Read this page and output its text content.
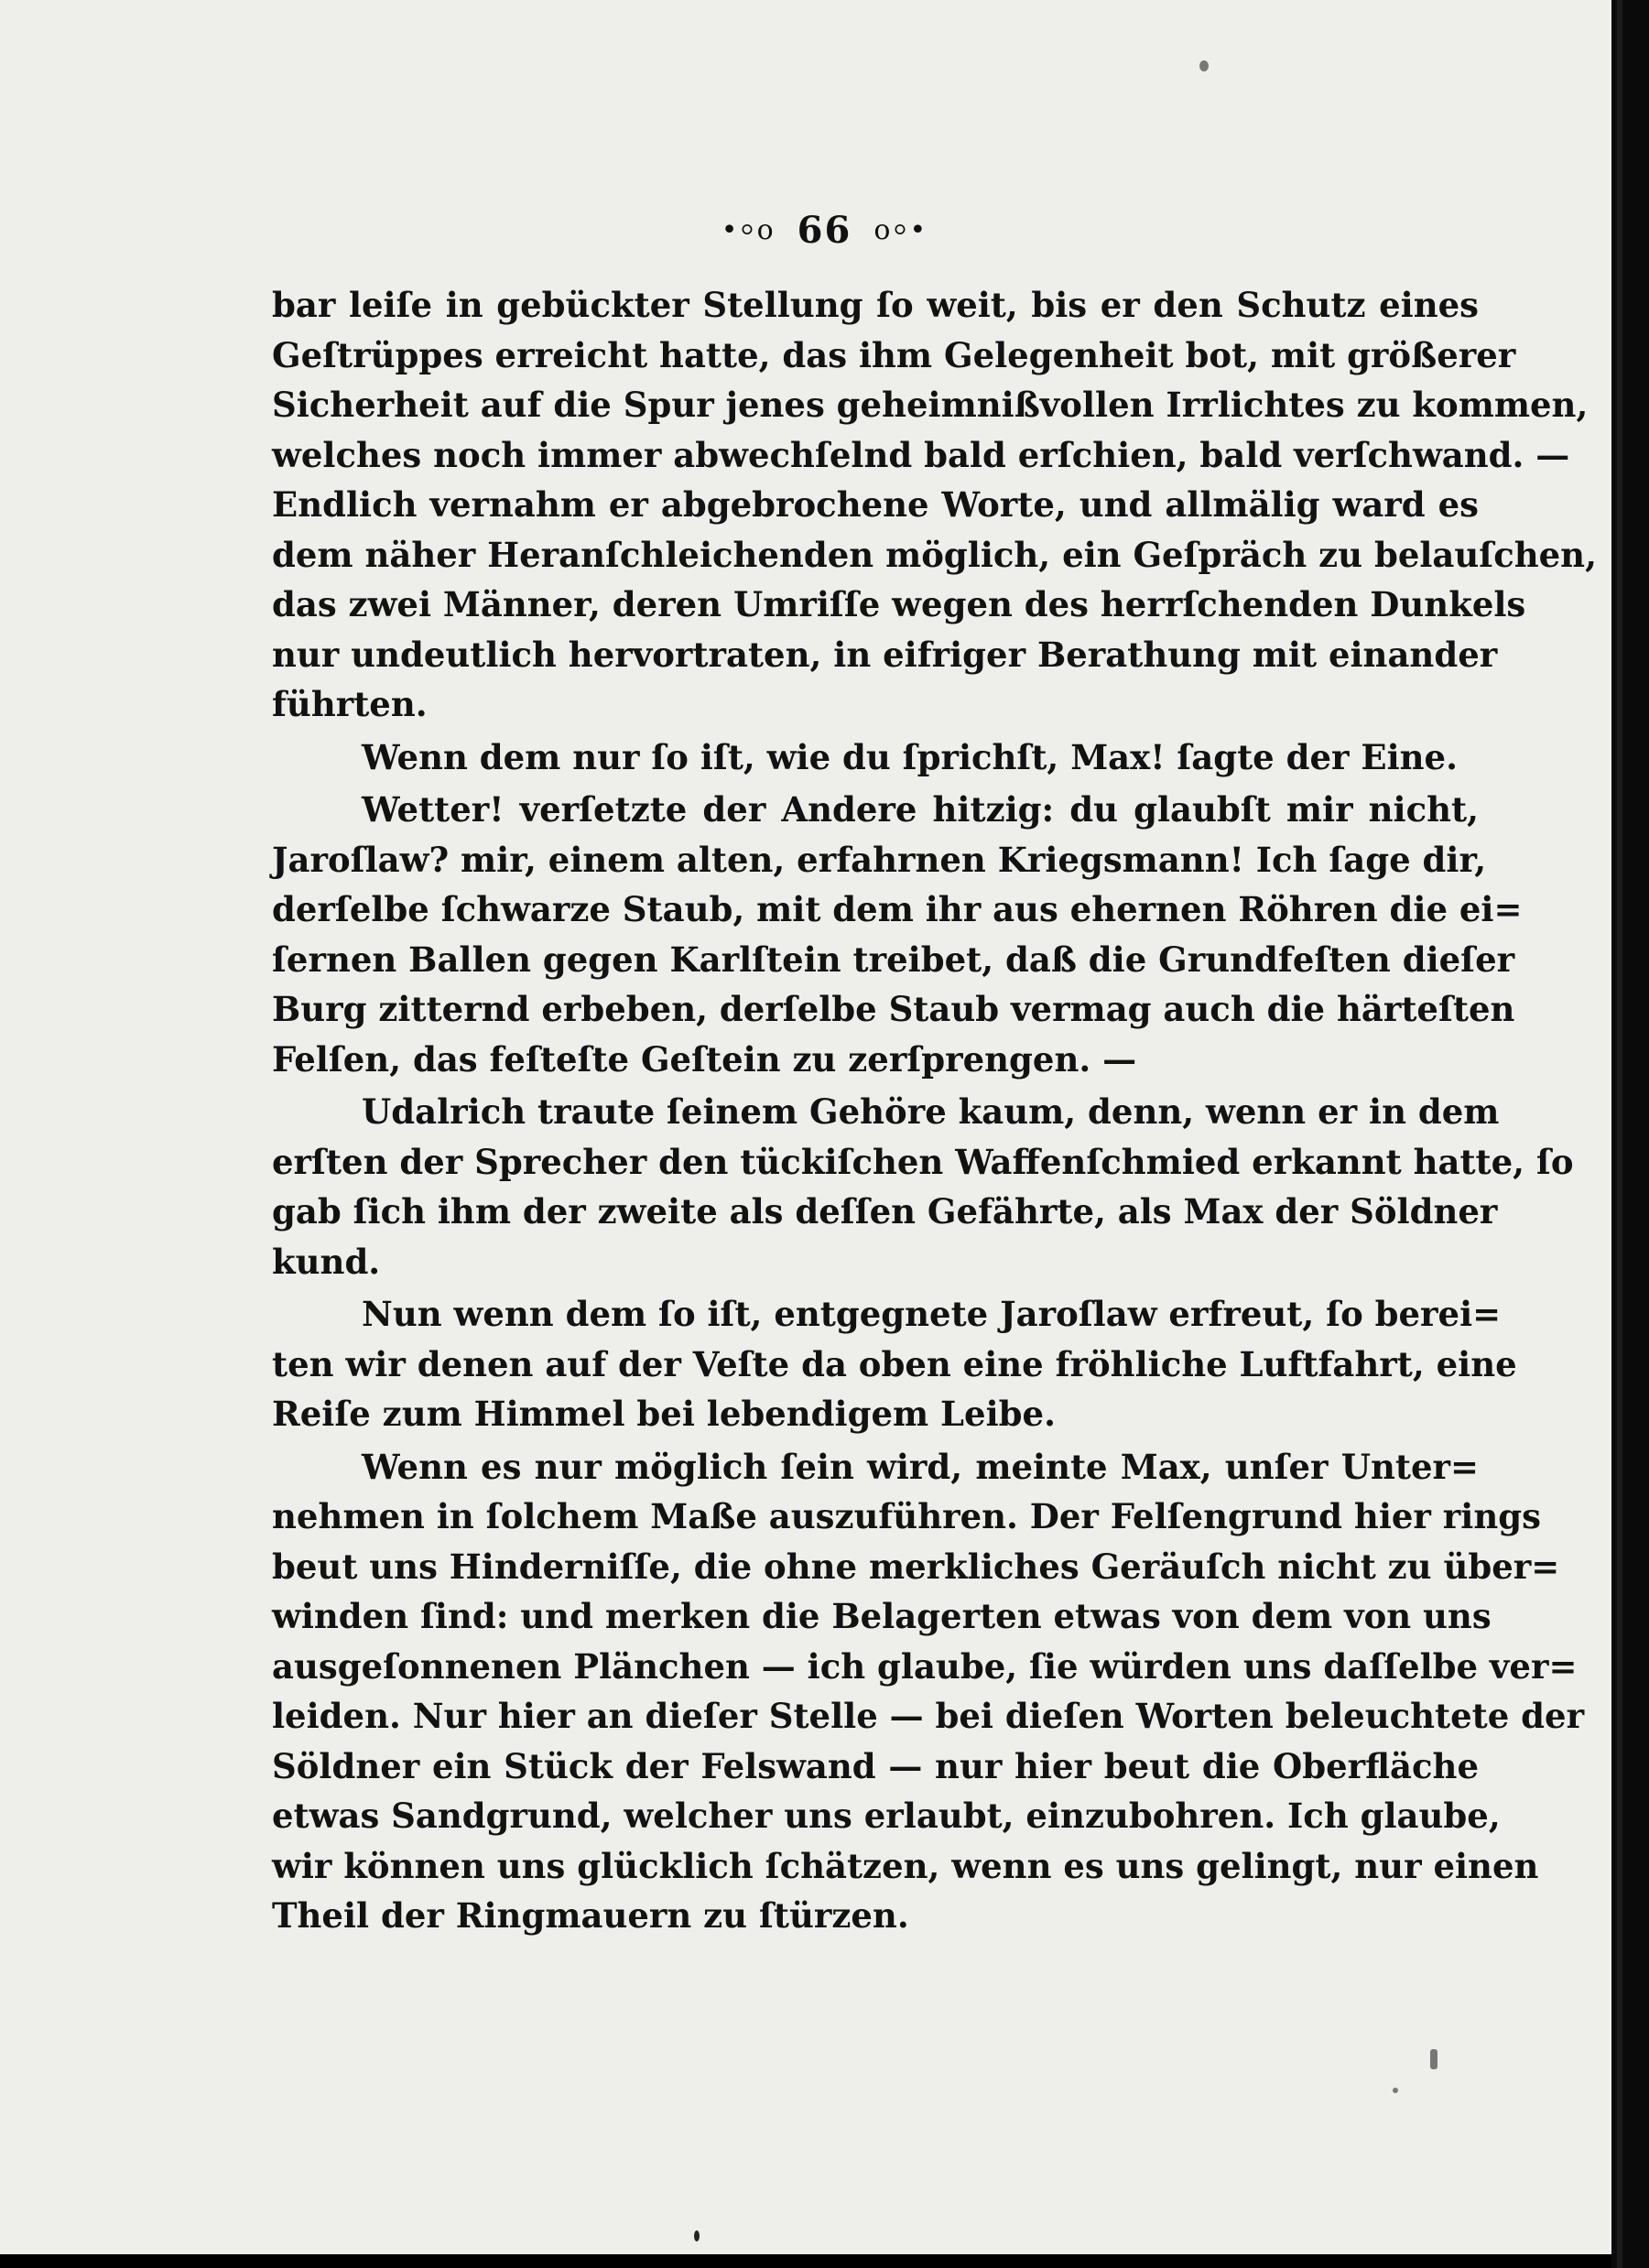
•⸰o 66 o⸰•
bar leiſe in gebückter Stellung ſo weit, bis er den Schutz eines
Geſtrüppes erreicht hatte, das ihm Gelegenheit bot, mit größerer
Sicherheit auf die Spur jenes geheimnißvollen Irrlichtes zu kommen,
welches noch immer abwechſelnd bald erſchien, bald verſchwand. —
Endlich vernahm er abgebrochene Worte, und allmälig ward es
dem näher Heranſchleichenden möglich, ein Geſpräch zu belauſchen,
das zwei Männer, deren Umriſſe wegen des herrſchenden Dunkels
nur undeutlich hervortraten, in eifriger Berathung mit einander
führten.
Wenn dem nur ſo iſt, wie du ſprichſt, Max! ſagte der Eine.
Wetter! verſetzte der Andere hitzig: du glaubſt mir nicht,
Jaroſlaw? mir, einem alten, erfahrnen Kriegsmann! Ich ſage dir,
derſelbe ſchwarze Staub, mit dem ihr aus ehernen Röhren die ei=
ſernen Ballen gegen Karlſtein treibet, daß die Grundfeſten dieſer
Burg zitternd erbeben, derſelbe Staub vermag auch die härteſten
Felſen, das feſteſte Geſtein zu zerſprengen. —
Udalrich traute ſeinem Gehöre kaum, denn, wenn er in dem
erſten der Sprecher den tückiſchen Waffenſchmied erkannt hatte, ſo
gab ſich ihm der zweite als deſſen Gefährte, als Max der Söldner
kund.
Nun wenn dem ſo iſt, entgegnete Jaroſlaw erfreut, ſo berei=
ten wir denen auf der Veſte da oben eine fröhliche Luftfahrt, eine
Reiſe zum Himmel bei lebendigem Leibe.
Wenn es nur möglich ſein wird, meinte Max, unſer Unter=
nehmen in ſolchem Maße auszuführen. Der Felſengrund hier rings
beut uns Hinderniſſe, die ohne merkliches Geräuſch nicht zu über=
winden ſind: und merken die Belagerten etwas von dem von uns
ausgeſonnenen Plänchen — ich glaube, ſie würden uns daſſelbe ver=
leiden. Nur hier an dieſer Stelle — bei dieſen Worten beleuchtete der
Söldner ein Stück der Felswand — nur hier beut die Oberfläche
etwas Sandgrund, welcher uns erlaubt, einzubohren. Ich glaube,
wir können uns glücklich ſchätzen, wenn es uns gelingt, nur einen
Theil der Ringmauern zu ſtürzen.
